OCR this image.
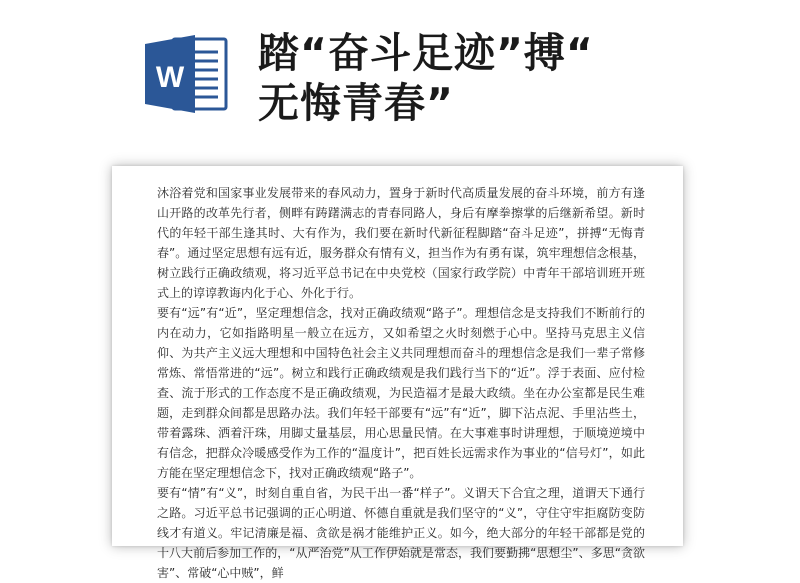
W
踏“奋斗足迹”搏“
无悔青春”

沐浴着党和国家事业发展带来的春风动力，置身于新时代高质量发展的奋斗环境，前方有逢山开路的改革先行者，侧畔有踌躇满志的青春同路人，身后有摩拳擦掌的后继新希望。新时代的年轻干部生逢其时、大有作为，我们要在新时代新征程脚踏“奋斗足迹”，拼搏“无悔青春”。通过坚定思想有远有近，服务群众有情有义，担当作为有勇有谋，筑牢理想信念根基，树立践行正确政绩观，将习近平总书记在中央党校（国家行政学院）中青年干部培训班开班式上的谆谆教诲内化于心、外化于行。

要有“远”有“近”，坚定理想信念，找对正确政绩观“路子”。理想信念是支持我们不断前行的内在动力，它如指路明星一般立在远方，又如希望之火时刻燃于心中。坚持马克思主义信仰、为共产主义远大理想和中国特色社会主义共同理想而奋斗的理想信念是我们一辈子常修常炼、常悟常进的“远”。树立和践行正确政绩观是我们践行当下的“近”。浮于表面、应付检查、流于形式的工作态度不是正确政绩观，为民造福才是最大政绩。坐在办公室都是民生难题，走到群众间都是思路办法。我们年轻干部要有“远”有“近”，脚下沾点泥、手里沾些土，带着露珠、洒着汗珠，用脚丈量基层，用心思量民情。在大事难事时讲理想，于顺境逆境中有信念，把群众冷暖感受作为工作的“温度计”，把百姓长远需求作为事业的“信号灯”，如此方能在坚定理想信念下，找对正确政绩观“路子”。

要有“情”有“义”，时刻自重自省，为民干出一番“样子”。义谓天下合宜之理，道谓天下通行之路。习近平总书记强调的正心明道、怀德自重就是我们坚守的“义”，守住守牢拒腐防变防线才有道义。牢记清廉是福、贪欲是祸才能维护正义。如今，绝大部分的年轻干部都是党的十八大前后参加工作的，“从严治党”从工作伊始就是常态，我们要勤拂“思想尘”、多思“贪欲害”、常破“心中贼”，鲜
